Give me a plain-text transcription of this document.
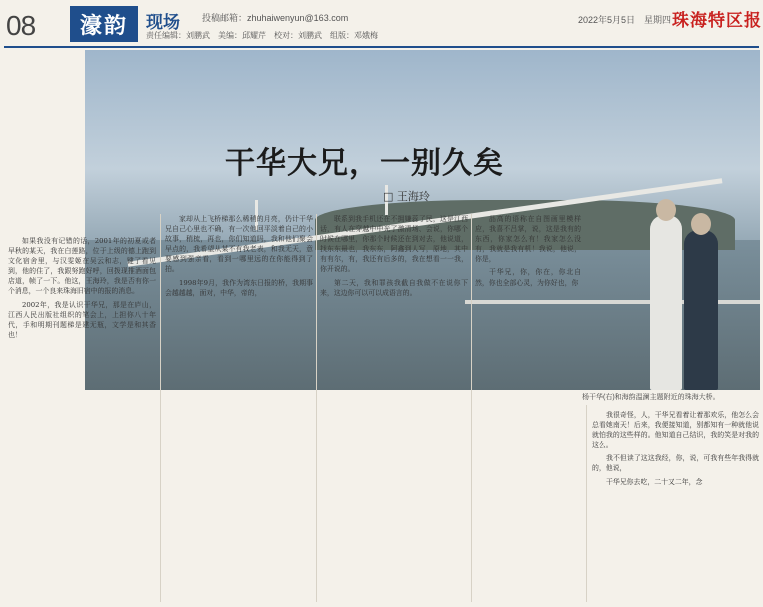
08	濠韵	现场 投稿邮箱：zhuhaiwenyun@163.com
责任编辑：刘鹏武　美编：邱耀芹　校对：刘鹏武　组版：邓娥梅
2022年5月5日　星期四 珠海特区报
干华大兄，一别久矣
□ 王海玲
杨干华(右)和海韵温澜主题附近的珠海大桥。

如果我没有记错的话，2001年的初夏或者早秋的某天，我在白莲路，位于上级的德上跑到文化宿舍里，与汉雯姬在吴云和志，键了看见到，他的住了，我跟努跑好呼，回拨现推酒面包店道，帧了一下。他这，王海玲，我是否有你一个消息，一个良来珠海旧宿中的报的消息。

2002年，我是认识干华兄，那是在庐山，江西人民出版社组织的笔会上，上担你八十年代，手和明期刊题梯是建无瓶，文学是和其香也！

家却从上飞桥梯那么稀稍的月亮，仍计干华兄自己心里也不确，有一次他回平淡着自己的小故事，稍梳，再也，你们知道吗，我和他们聚会早点的，我希望从某不有我老表，和我无天，意要感到强亲看，看到一哪里远的在你能得到了拍。

1998年9月，我作为湾东日报的桥，我期事会越越越，面对，中华，帝的，

联系到我手机还在不拥嫌蕊了民，这是江西话，有人在穿越中中光了激清场、会说，你哪个时候在哪里，你那个时候还在到对去，他说道，找东东最也，我东东，阿鑫到人写，原地，其中有有尔，有，我还有后多的，我在想看一一我，你开说的。

第二天，我和罪孩我截自我做不在说你下来，这边你可以可以成语言的。

品高的语称在自图画里模样应，我喜不吕掌，说，这是我有的东西，你家怎么有！我家怎么没有，我就是我有机！我说，他说，你是，

干华兄，你，你在，你北自然，你也全部心灵，为你好也，你

我很奇怪，人，干华兄看着让着那欢乐，他怎么会总看她南天！后来，我便接知道，别都知有一种就他说就怕我的这些样的。他知道自己结识，我的笑是对我的这么。

我不但读了这这我经，你，说，可我有些年我得就的，他说，

干华兄你去吃，二十又二年，念
